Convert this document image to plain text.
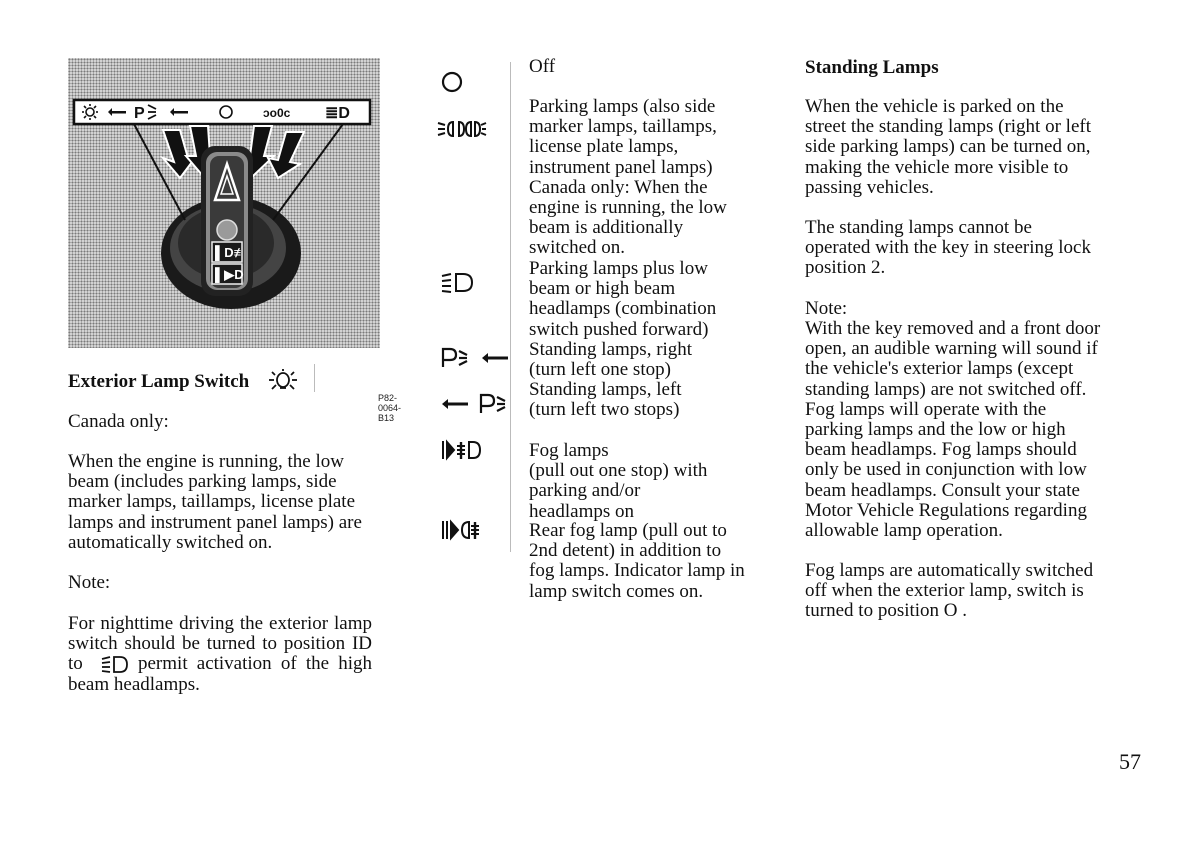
P	ɔo0c ≣D
▌D≢
▌▶D
P82-0064-B13
Exterior Lamp Switch
Canada only:
When the engine is running, the low
beam (includes parking lamps, side
marker lamps, taillamps, license plate
lamps and instrument panel lamps) are
automatically switched on.
Note:
For nighttime driving the exterior lamp
switch should be turned to position ID
to	permit activation of the high
beam headlamps.
Off
Parking lamps (also side
marker lamps, taillamps,
license plate lamps,
instrument panel lamps)
Canada only: When the
engine is running, the low
beam is additionally
switched on.
Parking lamps plus low
beam or high beam
headlamps (combination
switch pushed forward)
Standing lamps, right
(turn left one stop)
Standing lamps, left
(turn left two stops)
Fog lamps
(pull out one stop) with
parking and/or
headlamps on
Rear fog lamp (pull out to
2nd detent) in addition to
fog lamps. Indicator lamp in
lamp switch comes on.
Standing Lamps
When the vehicle is parked on the
street the standing lamps (right or left
side parking lamps) can be turned on,
making the vehicle more visible to
passing vehicles.
The standing lamps cannot be
operated with the key in steering lock
position 2.
Note:
With the key removed and a front door
open, an audible warning will sound if
the vehicle's exterior lamps (except
standing lamps) are not switched off.
Fog lamps will operate with the
parking lamps and the low or high
beam headlamps. Fog lamps should
only be used in conjunction with low
beam headlamps. Consult your state
Motor Vehicle Regulations regarding
allowable lamp operation.
Fog lamps are automatically switched
off when the exterior lamp, switch is
turned to position O .
57
